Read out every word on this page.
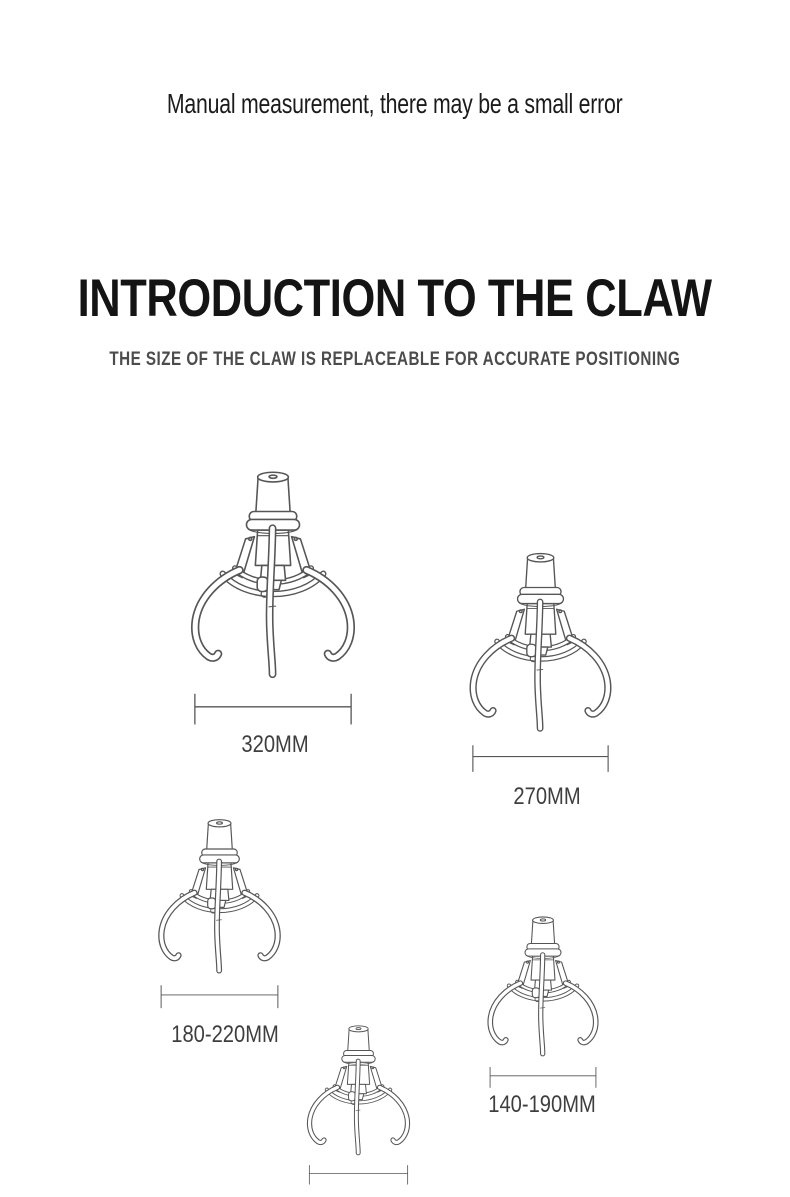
Manual measurement, there may be a small error
INTRODUCTION TO THE CLAW
THE SIZE OF THE CLAW IS REPLACEABLE FOR ACCURATE POSITIONING
320MM
270MM
180-220MM
140-190MM
